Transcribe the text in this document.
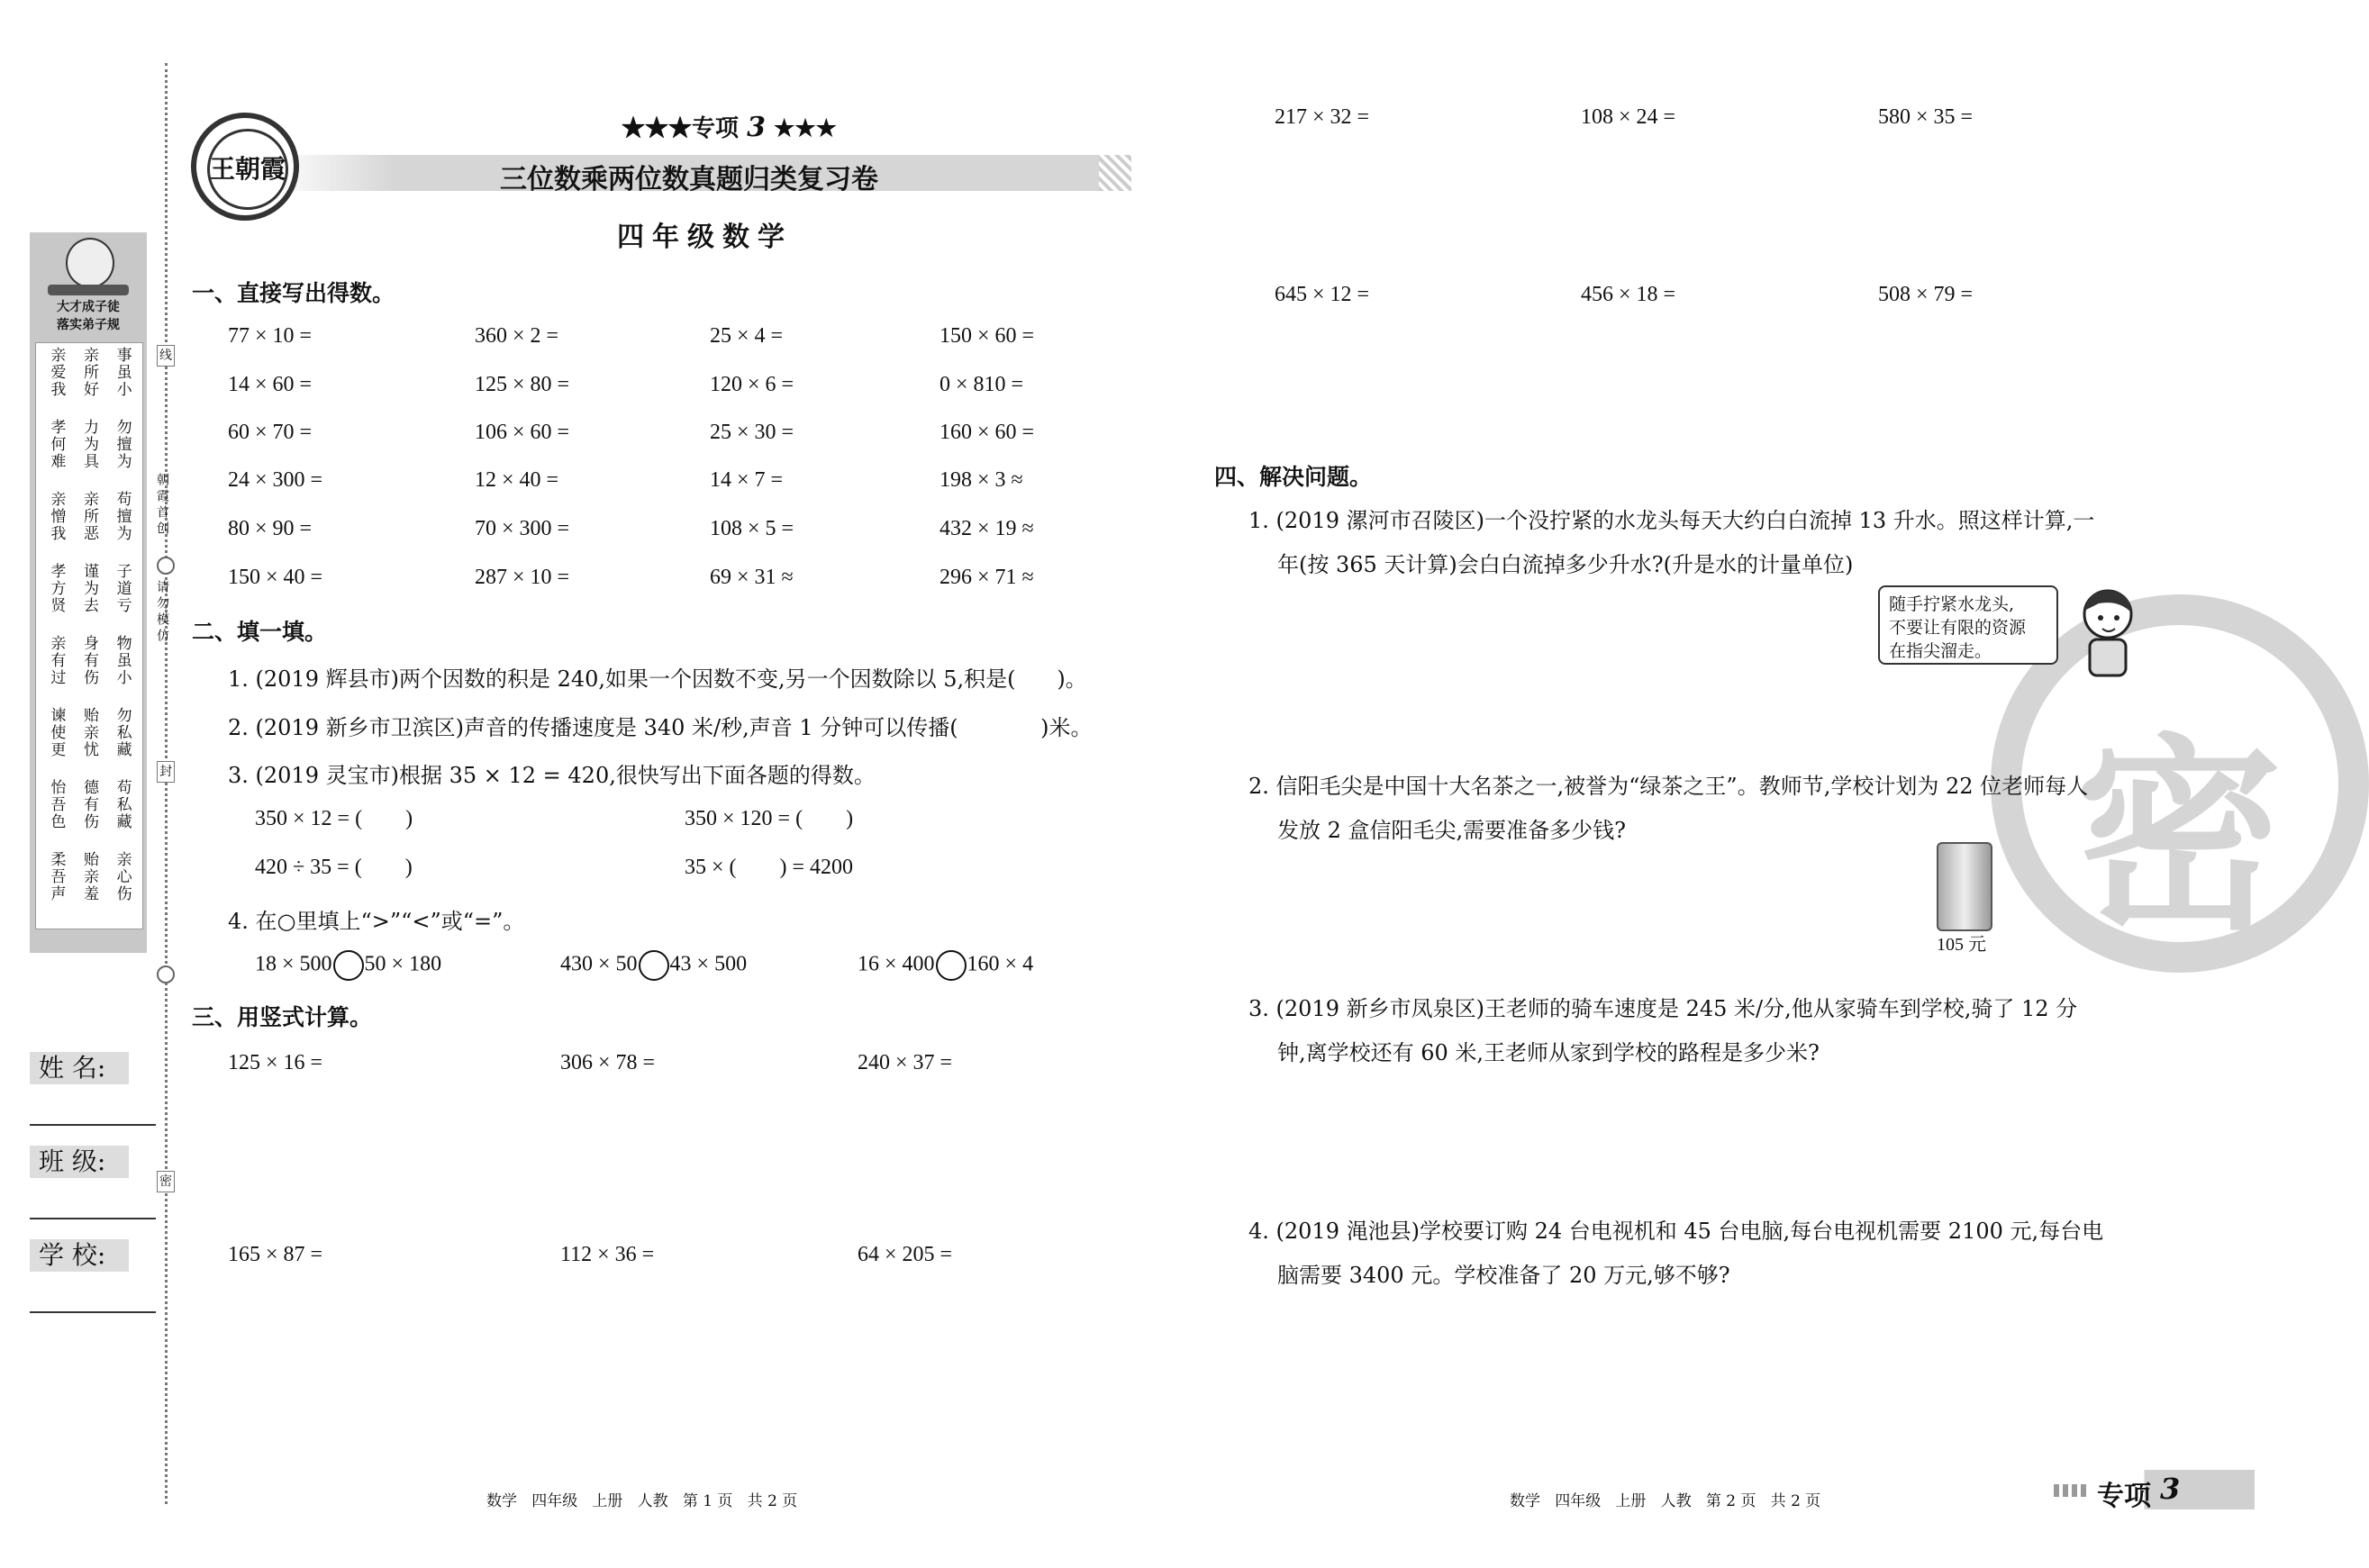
线
朝霞首创
请勿模仿
封
密
大才成子徒
落实弟子规
亲爱我 亲所好 事虽小
孝何难 力为具 勿擅为
亲憎我 亲所恶 苟擅为
孝方贤 谨为去 子道亏
亲有过 身有伤 物虽小
谏使更 贻亲忧 勿私藏
怡吾色 德有伤 苟私藏
柔吾声 贻亲羞 亲心伤
姓 名:
班 级:
学 校:
王朝霞
★★★专项 3 ★★★
三位数乘两位数真题归类复习卷
四年级数学
一、直接写出得数。
77 × 10 =	360 × 2 =	25 × 4 =	150 × 60 =
14 × 60 =	125 × 80 =	120 × 6 =	0 × 810 =
60 × 70 =	106 × 60 =	25 × 30 =	160 × 60 =
24 × 300 =	12 × 40 =	14 × 7 =	198 × 3 ≈
80 × 90 =	70 × 300 =	108 × 5 =	432 × 19 ≈
150 × 40 =	287 × 10 =	69 × 31 ≈	296 × 71 ≈
二、填一填。
1. (2019 辉县市)两个因数的积是 240,如果一个因数不变,另一个因数除以 5,积是(      )。
2. (2019 新乡市卫滨区)声音的传播速度是 340 米/秒,声音 1 分钟可以传播(            )米。
3. (2019 灵宝市)根据 35 × 12 = 420,很快写出下面各题的得数。
350 × 12 = (        )	350 × 120 = (        )
420 ÷ 35 = (        )	35 × (        ) = 4200
4. 在○里填上“>”“<”或“=”。
18 × 500 50 × 180	430 × 50 43 × 500	16 × 400 160 × 4
三、用竖式计算。
125 × 16 =	306 × 78 =	240 × 37 =
165 × 87 =	112 × 36 =	64 × 205 =
217 × 32 =	108 × 24 =	580 × 35 =
645 × 12 =	456 × 18 =	508 × 79 =
密
四、解决问题。
1. (2019 漯河市召陵区)一个没拧紧的水龙头每天大约白白流掉 13 升水。照这样计算,一
年(按 365 天计算)会白白流掉多少升水?(升是水的计量单位)
随手拧紧水龙头,
不要让有限的资源
在指尖溜走。
2. 信阳毛尖是中国十大名茶之一,被誉为“绿茶之王”。教师节,学校计划为 22 位老师每人
发放 2 盒信阳毛尖,需要准备多少钱?
105 元
3. (2019 新乡市凤泉区)王老师的骑车速度是 245 米/分,他从家骑车到学校,骑了 12 分
钟,离学校还有 60 米,王老师从家到学校的路程是多少米?
4. (2019 渑池县)学校要订购 24 台电视机和 45 台电脑,每台电视机需要 2100 元,每台电
脑需要 3400 元。学校准备了 20 万元,够不够?
数学   四年级   上册   人教   第 1 页   共 2 页	数学   四年级   上册   人教   第 2 页   共 2 页	专项 3
